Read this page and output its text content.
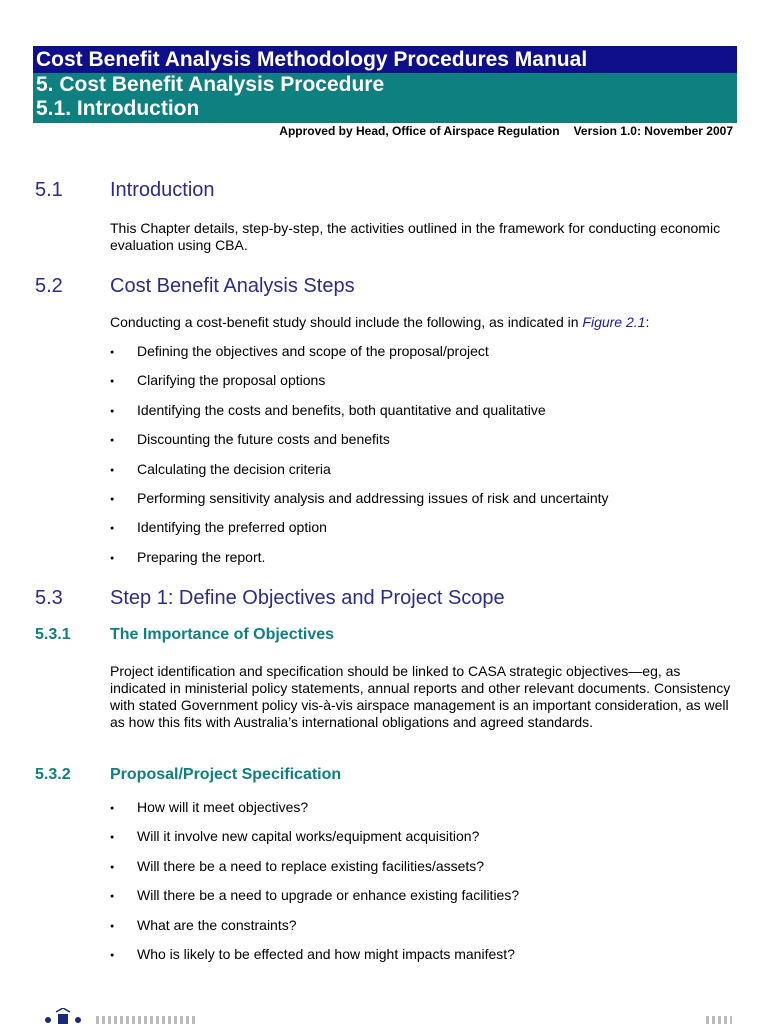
Cost Benefit Analysis Methodology Procedures Manual
5. Cost Benefit Analysis Procedure
5.1. Introduction
Approved by Head, Office of Airspace Regulation Version 1.0: November 2007
5.1 Introduction
This Chapter details, step-by-step, the activities outlined in the framework for conducting economic evaluation using CBA.
5.2 Cost Benefit Analysis Steps
Conducting a cost-benefit study should include the following, as indicated in Figure 2.1:
● Defining the objectives and scope of the proposal/project
● Clarifying the proposal options
● Identifying the costs and benefits, both quantitative and qualitative
● Discounting the future costs and benefits
● Calculating the decision criteria
● Performing sensitivity analysis and addressing issues of risk and uncertainty
● Identifying the preferred option
● Preparing the report.
5.3 Step 1: Define Objectives and Project Scope
5.3.1 The Importance of Objectives
Project identification and specification should be linked to CASA strategic objectives—eg, as indicated in ministerial policy statements, annual reports and other relevant documents. Consistency with stated Government policy vis-à-vis airspace management is an important consideration, as well as how this fits with Australia’s international obligations and agreed standards.
5.3.2 Proposal/Project Specification
● How will it meet objectives?
● Will it involve new capital works/equipment acquisition?
● Will there be a need to replace existing facilities/assets?
● Will there be a need to upgrade or enhance existing facilities?
● What are the constraints?
● Who is likely to be effected and how might impacts manifest?
